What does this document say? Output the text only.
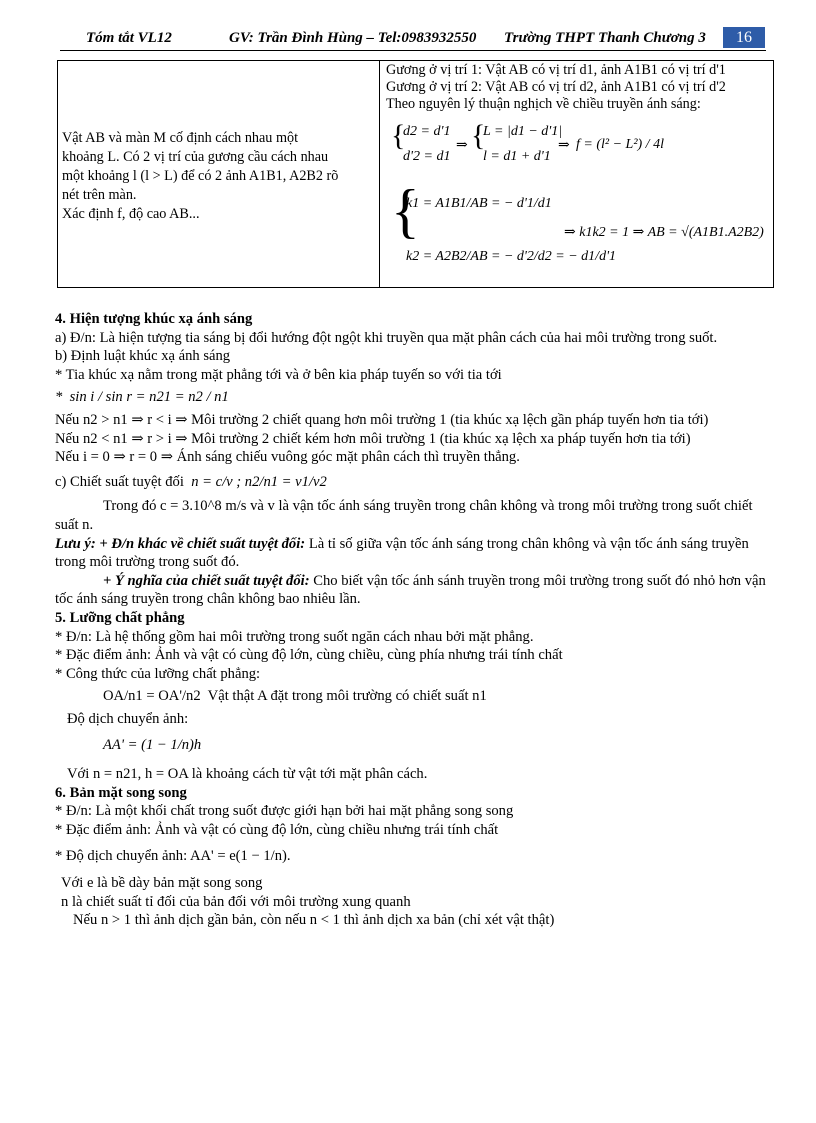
Tóm tắt VL12	GV: Trần Đình Hùng – Tel:0983932550 Trường THPT Thanh Chương 3	16
Vật AB và màn M cố định cách nhau một
khoảng L. Có 2 vị trí của gương cầu cách nhau
một khoảng l (l > L) để có 2 ảnh A1B1, A2B2 rõ
nét trên màn.
Xác định f, độ cao AB...
Gương ở vị trí 1: Vật AB có vị trí d1, ảnh A1B1 có vị trí d'1
Gương ở vị trí 2: Vật AB có vị trí d2, ảnh A1B1 có vị trí d'2
Theo nguyên lý thuận nghịch về chiều truyền ánh sáng:
{
d2 = d'1
d'2 = d1
⇒ {
L = |d1 − d'1|
l = d1 + d'1
⇒ f = (l² − L²) / 4l
{
k1 = A1B1/AB = − d'1/d1
k2 = A2B2/AB = − d'2/d2 = − d1/d'1
⇒ k1k2 = 1 ⇒ AB = √(A1B1.A2B2)

4. Hiện tượng khúc xạ ánh sáng

a) Đ/n: Là hiện tượng tia sáng bị đổi hướng đột ngột khi truyền qua mặt phân cách của hai môi trường trong suốt.

b) Định luật khúc xạ ánh sáng

* Tia khúc xạ nằm trong mặt phẳng tới và ở bên kia pháp tuyến so với tia tới

*  sin i / sin r = n21 = n2 / n1

Nếu n2 > n1 ⇒ r < i ⇒ Môi trường 2 chiết quang hơn môi trường 1 (tia khúc xạ lệch gần pháp tuyến hơn tia tới)

Nếu n2 < n1 ⇒ r > i ⇒ Môi trường 2 chiết kém hơn môi trường 1 (tia khúc xạ lệch xa pháp tuyến hơn tia tới)

Nếu i = 0 ⇒ r = 0 ⇒ Ánh sáng chiếu vuông góc mặt phân cách thì truyền thẳng.

c) Chiết suất tuyệt đối n = c/v ; n2/n1 = v1/v2

Trong đó c = 3.10^8 m/s và v là vận tốc ánh sáng truyền trong chân không và trong môi trường trong suốt chiết suất n.

Lưu ý: + Đ/n khác về chiết suất tuyệt đối: Là tỉ số giữa vận tốc ánh sáng trong chân không và vận tốc ánh sáng truyền trong môi trường trong suốt đó.

+ Ý nghĩa của chiết suất tuyệt đối: Cho biết vận tốc ánh sánh truyền trong môi trường trong suốt đó nhỏ hơn vận tốc ánh sáng truyền trong chân không bao nhiêu lần.

5. Lưỡng chất phẳng

* Đ/n: Là hệ thống gồm hai môi trường trong suốt ngăn cách nhau bởi mặt phẳng.

* Đặc điểm ảnh: Ảnh và vật có cùng độ lớn, cùng chiều, cùng phía nhưng trái tính chất

* Công thức của lưỡng chất phẳng:

OA/n1 = OA'/n2 Vật thật A đặt trong môi trường có chiết suất n1

Độ dịch chuyển ảnh:

AA' = (1 − 1/n)h

Với n = n21, h = OA là khoảng cách từ vật tới mặt phân cách.

6. Bản mặt song song

* Đ/n: Là một khối chất trong suốt được giới hạn bởi hai mặt phẳng song song

* Đặc điểm ảnh: Ảnh và vật có cùng độ lớn, cùng chiều nhưng trái tính chất

* Độ dịch chuyển ảnh: AA' = e(1 − 1/n).

Với e là bề dày bản mặt song song

n là chiết suất tỉ đối của bản đối với môi trường xung quanh

Nếu n > 1 thì ảnh dịch gần bản, còn nếu n < 1 thì ảnh dịch xa bản (chỉ xét vật thật)
